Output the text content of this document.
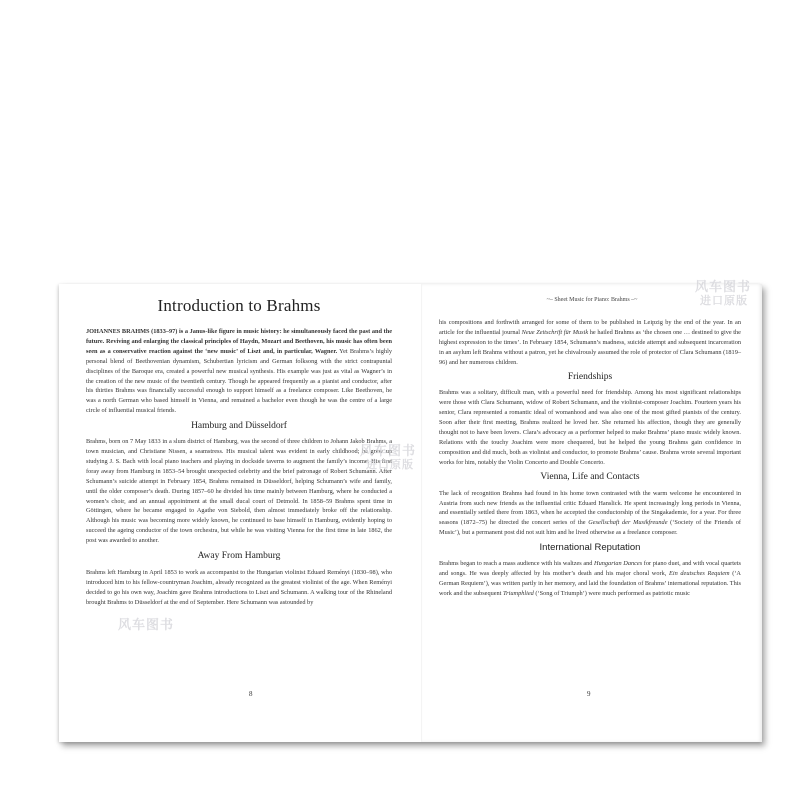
Introduction to Brahms

JOHANNES BRAHMS (1833–97) is a Janus-like figure in music history: he simultaneously faced the past and the future. Reviving and enlarging the classical principles of Haydn, Mozart and Beethoven, his music has often been seen as a conservative reaction against the ‘new music’ of Liszt and, in particular, Wagner. Yet Brahms’s highly personal blend of Beethovenian dynamism, Schubertian lyricism and German folksong with the strict contrapuntal disciplines of the Baroque era, created a powerful new musical synthesis. His example was just as vital as Wagner’s in the creation of the new music of the twentieth century. Though he appeared frequently as a pianist and conductor, after his thirties Brahms was financially successful enough to support himself as a freelance composer. Like Beethoven, he was a north German who based himself in Vienna, and remained a bachelor even though he was the centre of a large circle of influential musical friends.

Hamburg and Düsseldorf

Brahms, born on 7 May 1833 in a slum district of Hamburg, was the second of three children to Johann Jakob Brahms, a town musician, and Christiane Nissen, a seamstress. His musical talent was evident in early childhood; he grew up studying J. S. Bach with local piano teachers and playing in dockside taverns to augment the family’s income. His first foray away from Hamburg in 1853–54 brought unexpected celebrity and the brief patronage of Robert Schumann. After Schumann’s suicide attempt in February 1854, Brahms remained in Düsseldorf, helping Schumann’s wife and family, until the older composer’s death. During 1857–60 he divided his time mainly between Hamburg, where he conducted a women’s choir, and an annual appointment at the small ducal court of Detmold. In 1858–59 Brahms spent time in Göttingen, where he became engaged to Agathe von Siebold, then almost immediately broke off the relationship. Although his music was becoming more widely known, he continued to base himself in Hamburg, evidently hoping to succeed the ageing conductor of the town orchestra, but while he was visiting Vienna for the first time in late 1862, the post was awarded to another.

Away From Hamburg

Brahms left Hamburg in April 1853 to work as accompanist to the Hungarian violinist Eduard Reményi (1830–98), who introduced him to his fellow-countryman Joachim, already recognized as the greatest violinist of the age. When Reményi decided to go his own way, Joachim gave Brahms introductions to Liszt and Schumann. A walking tour of the Rhineland brought Brahms to Düsseldorf at the end of September. Here Schumann was astounded by

8
~– Sheet Music for Piano: Brahms –~

his compositions and forthwith arranged for some of them to be published in Leipzig by the end of the year. In an article for the influential journal Neue Zeitschrift für Musik he hailed Brahms as ‘the chosen one … destined to give the highest expression to the times’. In February 1854, Schumann’s madness, suicide attempt and subsequent incarceration in an asylum left Brahms without a patron, yet he chivalrously assumed the role of protector of Clara Schumann (1819–96) and her numerous children.

Friendships

Brahms was a solitary, difficult man, with a powerful need for friendship. Among his most significant relationships were those with Clara Schumann, widow of Robert Schumann, and the violinist-composer Joachim. Fourteen years his senior, Clara represented a romantic ideal of womanhood and was also one of the most gifted pianists of the century. Soon after their first meeting, Brahms realized he loved her. She returned his affection, though they are generally thought not to have been lovers. Clara’s advocacy as a performer helped to make Brahms’ piano music widely known. Relations with the touchy Joachim were more chequered, but he helped the young Brahms gain confidence in composition and did much, both as violinist and conductor, to promote Brahms’ cause. Brahms wrote several important works for him, notably the Violin Concerto and Double Concerto.

Vienna, Life and Contacts

The lack of recognition Brahms had found in his home town contrasted with the warm welcome he encountered in Austria from such new friends as the influential critic Eduard Hanslick. He spent increasingly long periods in Vienna, and essentially settled there from 1863, when he accepted the conductorship of the Singakademie, for a year. For three seasons (1872–75) he directed the concert series of the Gesellschaft der Musikfreunde (‘Society of the Friends of Music’), but a permanent post did not suit him and he lived otherwise as a freelance composer.

International Reputation

Brahms began to reach a mass audience with his waltzes and Hungarian Dances for piano duet, and with vocal quartets and songs. He was deeply affected by his mother’s death and his major choral work, Ein deutsches Requiem (‘A German Requiem’), was written partly in her memory, and laid the foundation of Brahms’ international reputation. This work and the subsequent Triumphlied (‘Song of Triumph’) were much performed as patriotic music

9
风车图书
进口原版
风车图书
进口原版
风车图书
